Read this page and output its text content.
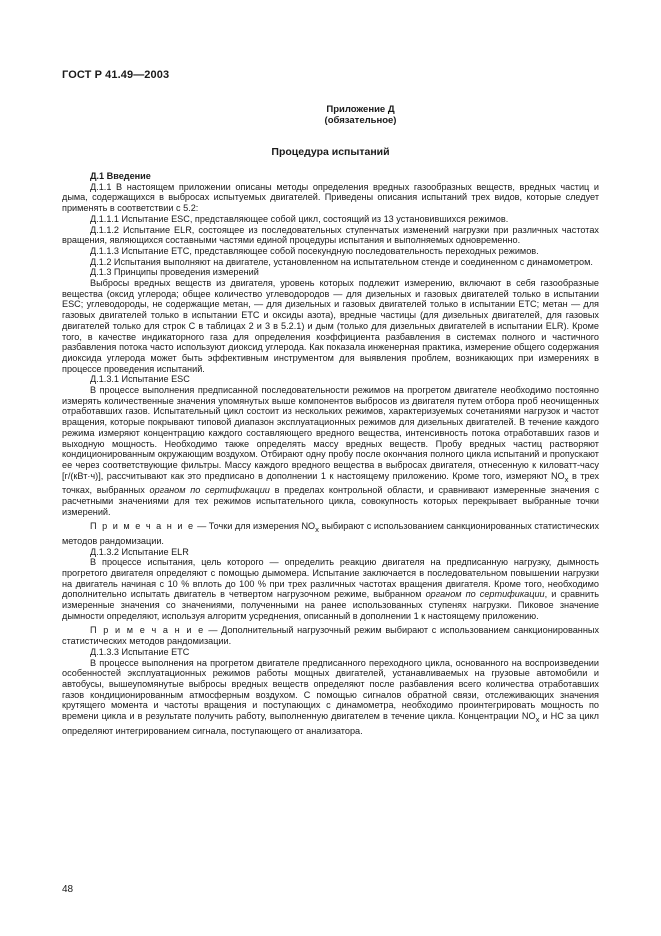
ГОСТ Р 41.49—2003
Приложение Д
(обязательное)
Процедура испытаний

Д.1 Введение

Д.1.1 В настоящем приложении описаны методы определения вредных газообразных веществ, вредных частиц и дыма, содержащихся в выбросах испытуемых двигателей. Приведены описания испытаний трех видов, которые следует применять в соответствии с 5.2:

Д.1.1.1 Испытание ESC, представляющее собой цикл, состоящий из 13 установившихся режимов.

Д.1.1.2 Испытание ELR, состоящее из последовательных ступенчатых изменений нагрузки при различных частотах вращения, являющихся составными частями единой процедуры испытания и выполняемых одновременно.

Д.1.1.3 Испытание ETC, представляющее собой посекундную последовательность переходных режимов.

Д.1.2 Испытания выполняют на двигателе, установленном на испытательном стенде и соединенном с динамометром.

Д.1.3 Принципы проведения измерений

Выбросы вредных веществ из двигателя, уровень которых подлежит измерению, включают в себя газообразные вещества (оксид углерода; общее количество углеводородов — для дизельных и газовых двигателей только в испытании ESC; углеводороды, не содержащие метан, — для дизельных и газовых двигателей только в испытании ETC; метан — для газовых двигателей только в испытании ETC и оксиды азота), вредные частицы (для дизельных двигателей, для газовых двигателей только для строк С в таблицах 2 и 3 в 5.2.1) и дым (только для дизельных двигателей в испытании ELR). Кроме того, в качестве индикаторного газа для определения коэффициента разбавления в системах полного и частичного разбавления потока часто используют диоксид углерода. Как показала инженерная практика, измерение общего содержания диоксида углерода может быть эффективным инструментом для выявления проблем, возникающих при измерениях в процессе проведения испытаний.

Д.1.3.1 Испытание ESC

В процессе выполнения предписанной последовательности режимов на прогретом двигателе необходимо постоянно измерять количественные значения упомянутых выше компонентов выбросов из двигателя путем отбора проб неочищенных отработавших газов. Испытательный цикл состоит из нескольких режимов, характеризуемых сочетаниями нагрузок и частот вращения, которые покрывают типовой диапазон эксплуатационных режимов для дизельных двигателей. В течение каждого режима измеряют концентрацию каждого составляющего вредного вещества, интенсивность потока отработавших газов и выходную мощность. Необходимо также определять массу вредных веществ. Пробу вредных частиц растворяют кондиционированным окружающим воздухом. Отбирают одну пробу после окончания полного цикла испытаний и пропускают ее через соответствующие фильтры. Массу каждого вредного вещества в выбросах двигателя, отнесенную к киловатт-часу [г/(кВт·ч)], рассчитывают как это предписано в дополнении 1 к настоящему приложению. Кроме того, измеряют $NO_x$ в трех точках, выбранных органом по сертификации в пределах контрольной области, и сравнивают измеренные значения с расчетными значениями для тех режимов испытательного цикла, совокупность которых перекрывает выбранные точки измерений.

П р и м е ч а н и е — Точки для измерения $NO_x$ выбирают с использованием санкционированных статистических методов рандомизации.

Д.1.3.2 Испытание ELR

В процессе испытания, цель которого — определить реакцию двигателя на предписанную нагрузку, дымность прогретого двигателя определяют с помощью дымомера. Испытание заключается в последовательном повышении нагрузки на двигатель начиная с 10 % вплоть до 100 % при трех различных частотах вращения двигателя. Кроме того, необходимо дополнительно испытать двигатель в четвертом нагрузочном режиме, выбранном органом по сертификации, и сравнить измеренные значения со значениями, полученными на ранее использованных ступенях нагрузки. Пиковое значение дымности определяют, используя алгоритм усреднения, описанный в дополнении 1 к настоящему приложению.

П р и м е ч а н и е — Дополнительный нагрузочный режим выбирают с использованием санкционированных статистических методов рандомизации.

Д.1.3.3 Испытание ETC

В процессе выполнения на прогретом двигателе предписанного переходного цикла, основанного на воспроизведении особенностей эксплуатационных режимов работы мощных двигателей, устанавливаемых на грузовые автомобили и автобусы, вышеупомянутые выбросы вредных веществ определяют после разбавления всего количества отработавших газов кондиционированным атмосферным воздухом. С помощью сигналов обратной связи, отслеживающих значения крутящего момента и частоты вращения и поступающих с динамометра, необходимо проинтегрировать мощность по времени цикла и в результате получить работу, выполненную двигателем в течение цикла. Концентрации $NO_x$ и HC за цикл определяют интегрированием сигнала, поступающего от анализатора.

48
